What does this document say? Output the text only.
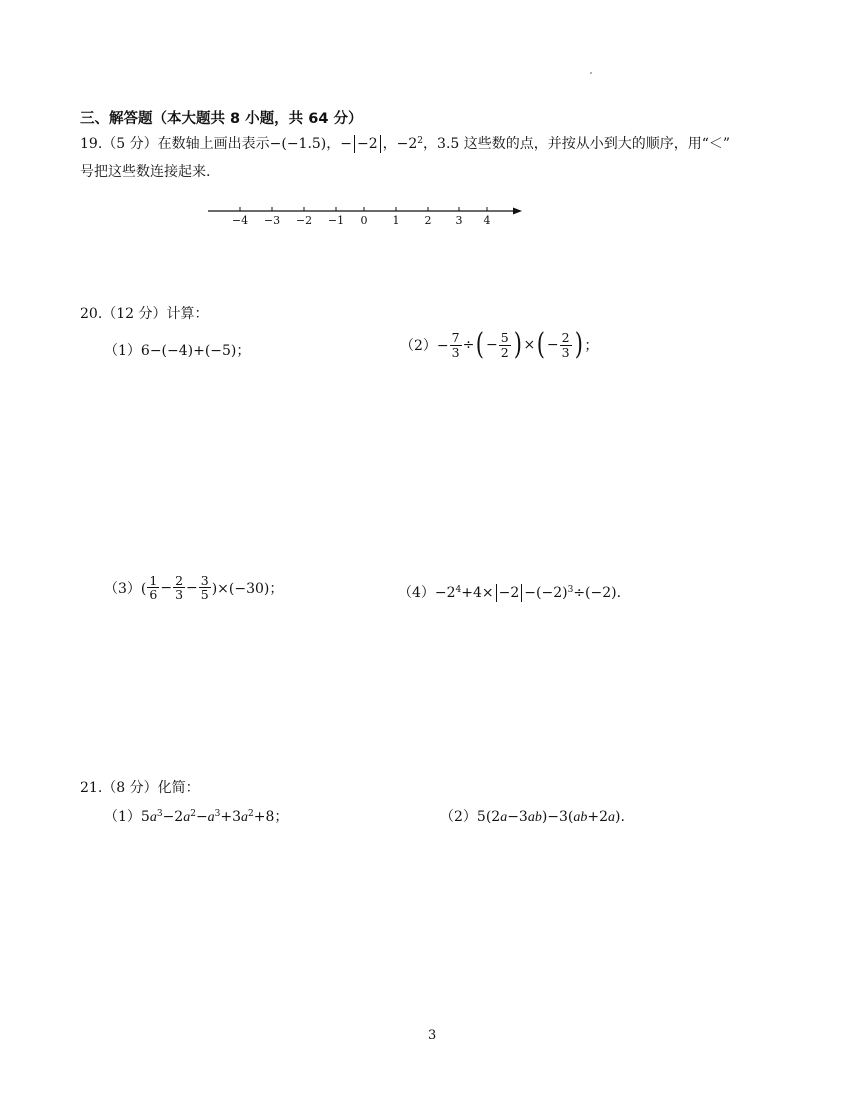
三、解答题（本大题共 8 小题，共 64 分）
19.（5 分）在数轴上画出表示−(−1.5)，− −2 ，$-2^2$，3.5 这些数的点，并按从小到大的顺序，用“＜”
号把这些数连接起来.
−4 −3 −2 −1 0 1 2 3 4
20.（12 分）计算：
（1）6−(−4)+(−5)；	$(2)- \frac{7}{3}$ ÷ ( − $\frac{5}{2}$ ) × ( − $\frac{2}{3}$ ) ；
$(3)( \frac{1}{6} - \frac{2}{3} - \frac{3}{5} )\times(-30)$；	$(4)-2^4+4\times -2 -(-2)^3\div(-2)$.
21.（8 分）化简：
$(1)5a^3-2a^2-a^3+3a^2+8$；	（2）5(2a−3ab)−3(ab+2a).
3
